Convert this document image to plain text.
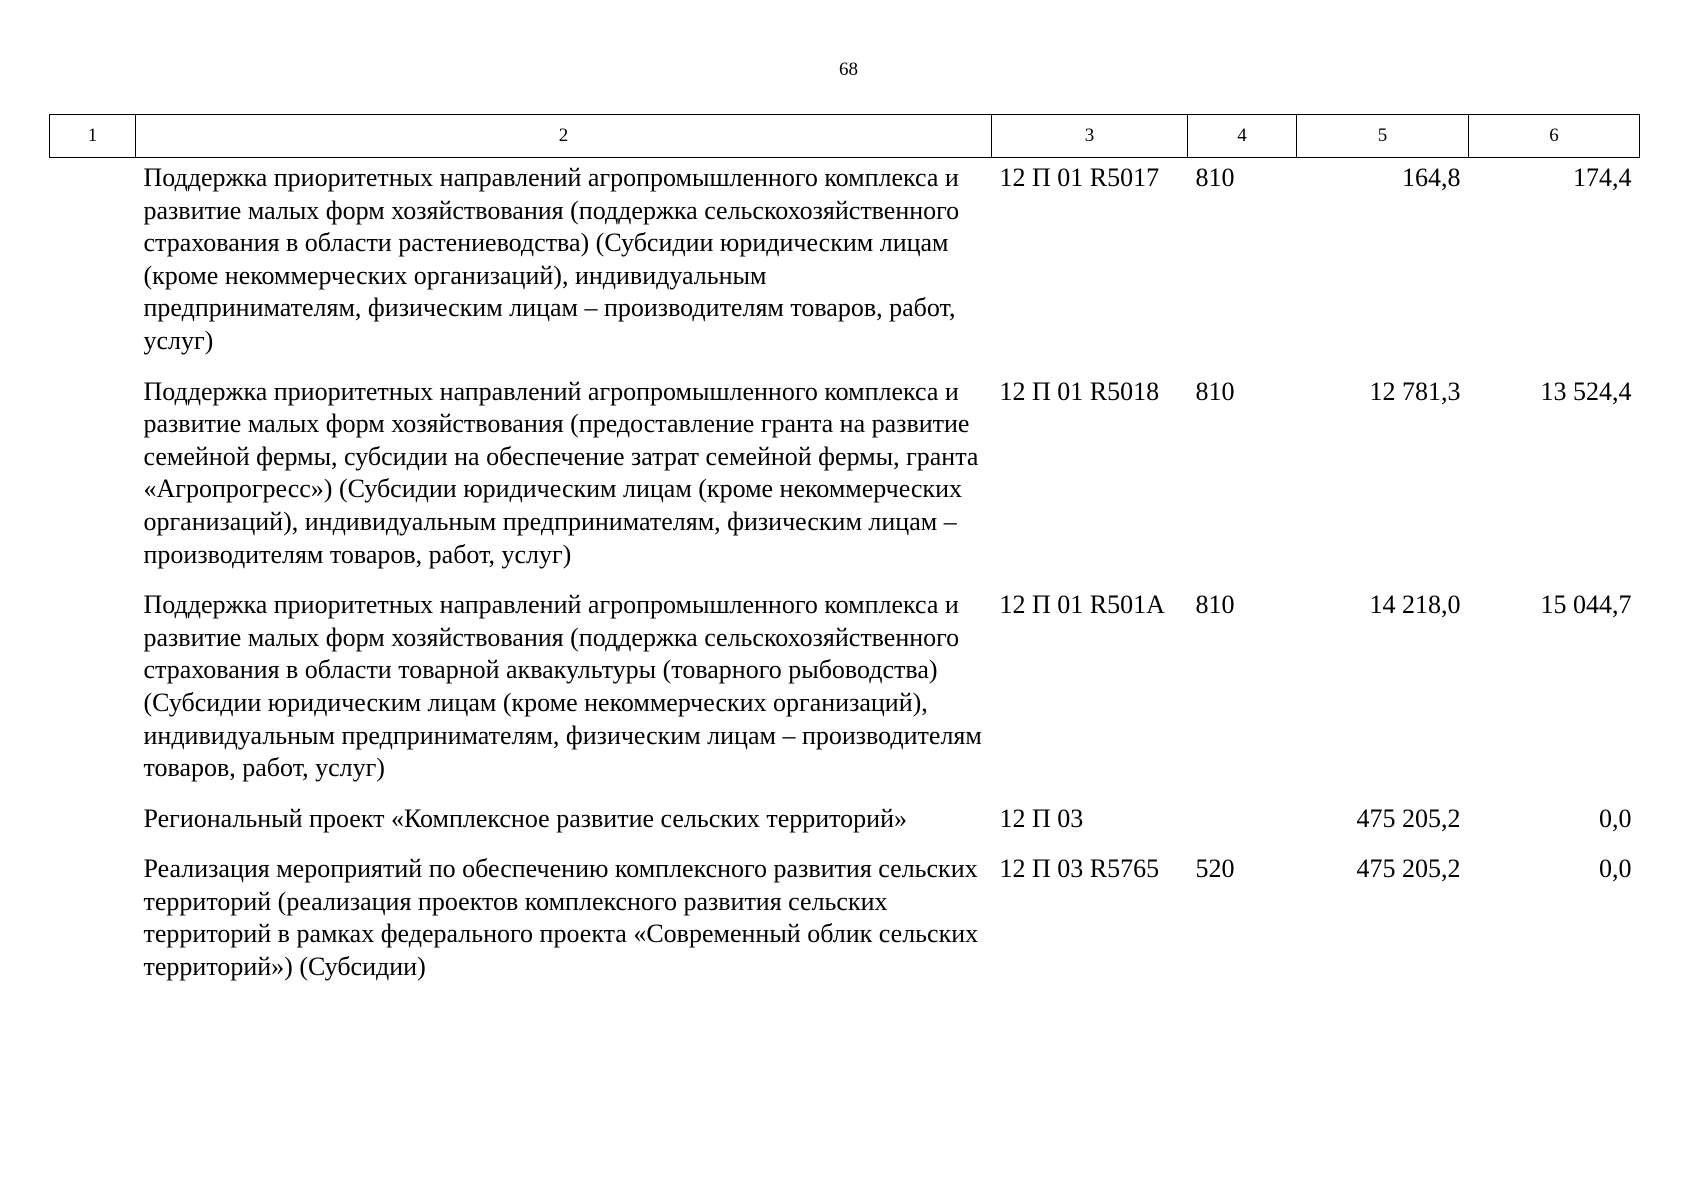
68
1	2	3	4	5	6
	Поддержка приоритетных направлений агропромышленного комплекса и развитие малых форм хозяйствования (поддержка сельскохозяйственного страхования в области растениеводства) (Субсидии юридическим лицам (кроме некоммерческих организаций), индивидуальным предпринимателям, физическим лицам – производителям товаров, работ, услуг)	12 П 01 R5017	810	164,8	174,4
	Поддержка приоритетных направлений агропромышленного комплекса и развитие малых форм хозяйствования (предоставление гранта на развитие семейной фермы, субсидии на обеспечение затрат семейной фермы, гранта «Агропрогресс») (Субсидии юридическим лицам (кроме некоммерческих организаций), индивидуальным предпринимателям, физическим лицам – производителям товаров, работ, услуг)	12 П 01 R5018	810	12 781,3	13 524,4
	Поддержка приоритетных направлений агропромышленного комплекса и развитие малых форм хозяйствования (поддержка сельскохозяйственного страхования в области товарной аквакультуры (товарного рыбоводства) (Субсидии юридическим лицам (кроме некоммерческих организаций), индивидуальным предпринимателям, физическим лицам – производителям товаров, работ, услуг)	12 П 01 R501А	810	14 218,0	15 044,7
	Региональный проект «Комплексное развитие сельских территорий»	12 П 03		475 205,2	0,0
	Реализация мероприятий по обеспечению комплексного развития сельских территорий (реализация проектов комплексного развития сельских территорий в рамках федерального проекта «Современный облик сельских территорий») (Субсидии)	12 П 03 R5765	520	475 205,2	0,0
